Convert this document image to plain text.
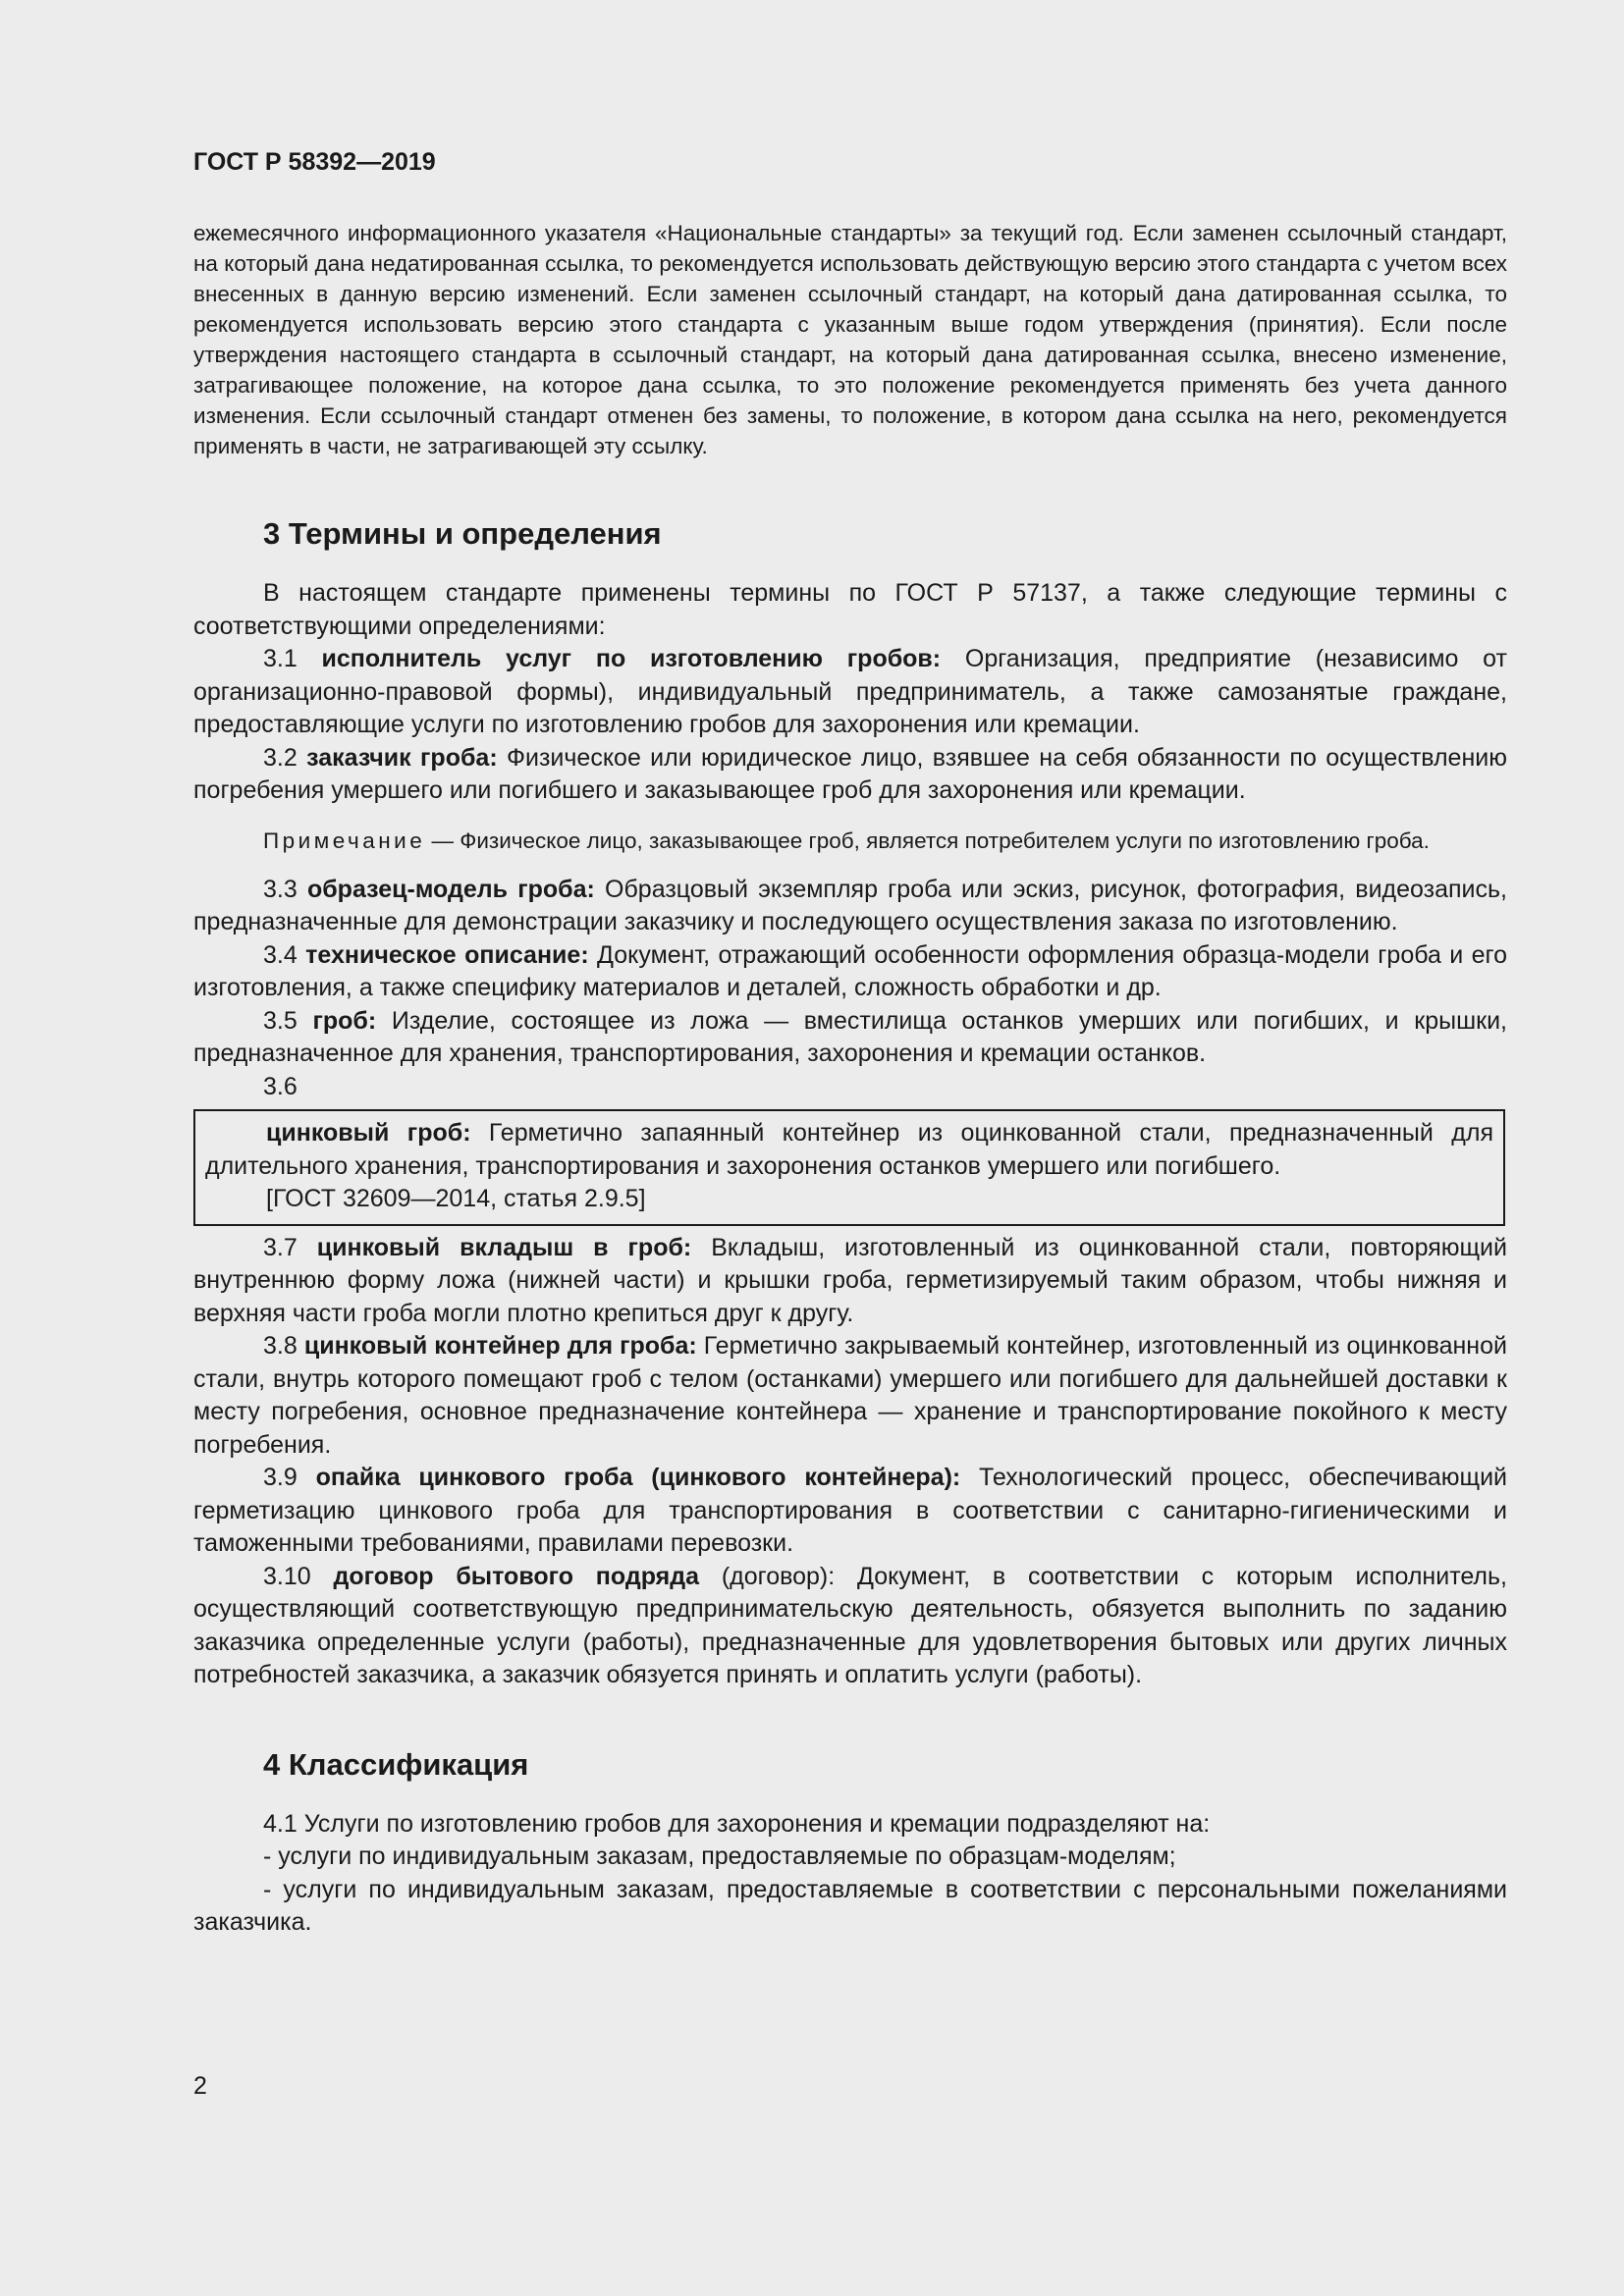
ГОСТ Р 58392—2019

ежемесячного информационного указателя «Национальные стандарты» за текущий год. Если заменен ссылочный стандарт, на который дана недатированная ссылка, то рекомендуется использовать действующую версию этого стандарта с учетом всех внесенных в данную версию изменений. Если заменен ссылочный стандарт, на который дана датированная ссылка, то рекомендуется использовать версию этого стандарта с указанным выше годом утверждения (принятия). Если после утверждения настоящего стандарта в ссылочный стандарт, на который дана датированная ссылка, внесено изменение, затрагивающее положение, на которое дана ссылка, то это положение рекомендуется применять без учета данного изменения. Если ссылочный стандарт отменен без замены, то положение, в котором дана ссылка на него, рекомендуется применять в части, не затрагивающей эту ссылку.

3 Термины и определения

В настоящем стандарте применены термины по ГОСТ Р 57137, а также следующие термины с соответствующими определениями:

3.1 исполнитель услуг по изготовлению гробов: Организация, предприятие (независимо от организационно-правовой формы), индивидуальный предприниматель, а также самозанятые граждане, предоставляющие услуги по изготовлению гробов для захоронения или кремации.

3.2 заказчик гроба: Физическое или юридическое лицо, взявшее на себя обязанности по осуществлению погребения умершего или погибшего и заказывающее гроб для захоронения или кремации.

Примечание — Физическое лицо, заказывающее гроб, является потребителем услуги по изготовлению гроба.

3.3 образец-модель гроба: Образцовый экземпляр гроба или эскиз, рисунок, фотография, видеозапись, предназначенные для демонстрации заказчику и последующего осуществления заказа по изготовлению.

3.4 техническое описание: Документ, отражающий особенности оформления образца-модели гроба и его изготовления, а также специфику материалов и деталей, сложность обработки и др.

3.5 гроб: Изделие, состоящее из ложа — вместилища останков умерших или погибших, и крышки, предназначенное для хранения, транспортирования, захоронения и кремации останков.

3.6

цинковый гроб: Герметично запаянный контейнер из оцинкованной стали, предназначенный для длительного хранения, транспортирования и захоронения останков умершего или погибшего.

[ГОСТ 32609—2014, статья 2.9.5]

3.7 цинковый вкладыш в гроб: Вкладыш, изготовленный из оцинкованной стали, повторяющий внутреннюю форму ложа (нижней части) и крышки гроба, герметизируемый таким образом, чтобы нижняя и верхняя части гроба могли плотно крепиться друг к другу.

3.8 цинковый контейнер для гроба: Герметично закрываемый контейнер, изготовленный из оцинкованной стали, внутрь которого помещают гроб с телом (останками) умершего или погибшего для дальнейшей доставки к месту погребения, основное предназначение контейнера — хранение и транспортирование покойного к месту погребения.

3.9 опайка цинкового гроба (цинкового контейнера): Технологический процесс, обеспечивающий герметизацию цинкового гроба для транспортирования в соответствии с санитарно-гигиеническими и таможенными требованиями, правилами перевозки.

3.10 договор бытового подряда (договор): Документ, в соответствии с которым исполнитель, осуществляющий соответствующую предпринимательскую деятельность, обязуется выполнить по заданию заказчика определенные услуги (работы), предназначенные для удовлетворения бытовых или других личных потребностей заказчика, а заказчик обязуется принять и оплатить услуги (работы).

4 Классификация

4.1 Услуги по изготовлению гробов для захоронения и кремации подразделяют на:

- услуги по индивидуальным заказам, предоставляемые по образцам-моделям;

- услуги по индивидуальным заказам, предоставляемые в соответствии с персональными пожеланиями заказчика.

2
